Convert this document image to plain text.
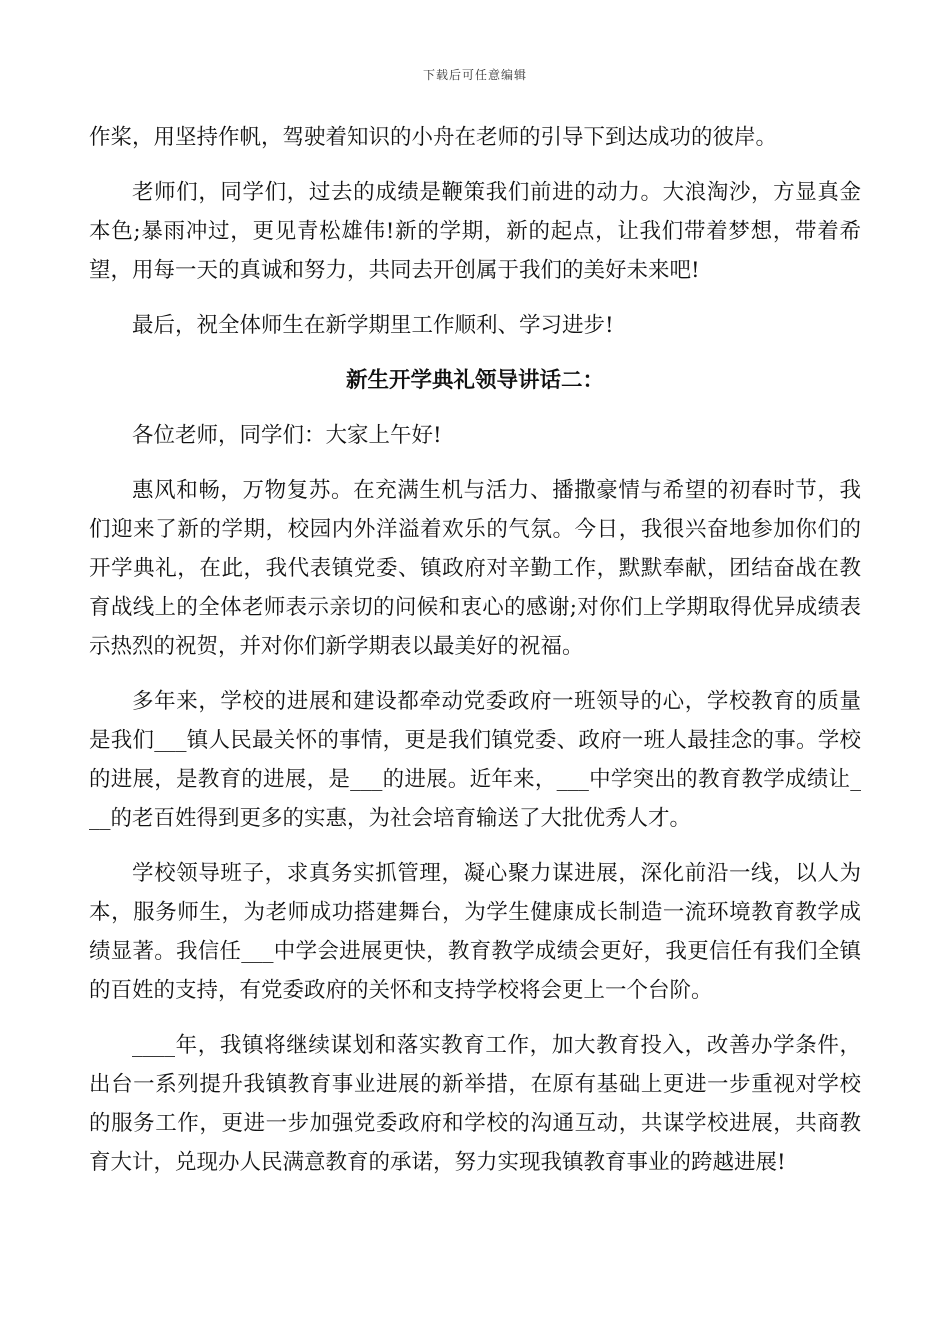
下载后可任意编辑

作桨，用坚持作帆，驾驶着知识的小舟在老师的引导下到达成功的彼岸。

老师们，同学们，过去的成绩是鞭策我们前进的动力。大浪淘沙，方显真金本色;暴雨冲过，更见青松雄伟!新的学期，新的起点，让我们带着梦想，带着希望，用每一天的真诚和努力，共同去开创属于我们的美好未来吧!

最后，祝全体师生在新学期里工作顺利、学习进步!

新生开学典礼领导讲话二：

各位老师，同学们：大家上午好!

惠风和畅，万物复苏。在充满生机与活力、播撒豪情与希望的初春时节，我们迎来了新的学期，校园内外洋溢着欢乐的气氛。今日，我很兴奋地参加你们的开学典礼，在此，我代表镇党委、镇政府对辛勤工作，默默奉献，团结奋战在教育战线上的全体老师表示亲切的问候和衷心的感谢;对你们上学期取得优异成绩表示热烈的祝贺，并对你们新学期表以最美好的祝福。

多年来，学校的进展和建设都牵动党委政府一班领导的心，学校教育的质量是我们___镇人民最关怀的事情，更是我们镇党委、政府一班人最挂念的事。学校的进展，是教育的进展，是___的进展。近年来，___中学突出的教育教学成绩让___的老百姓得到更多的实惠，为社会培育输送了大批优秀人才。

学校领导班子，求真务实抓管理，凝心聚力谋进展，深化前沿一线，以人为本，服务师生，为老师成功搭建舞台，为学生健康成长制造一流环境教育教学成绩显著。我信任___中学会进展更快，教育教学成绩会更好，我更信任有我们全镇的百姓的支持，有党委政府的关怀和支持学校将会更上一个台阶。

____年，我镇将继续谋划和落实教育工作，加大教育投入，改善办学条件，出台一系列提升我镇教育事业进展的新举措，在原有基础上更进一步重视对学校的服务工作，更进一步加强党委政府和学校的沟通互动，共谋学校进展，共商教育大计，兑现办人民满意教育的承诺，努力实现我镇教育事业的跨越进展!
